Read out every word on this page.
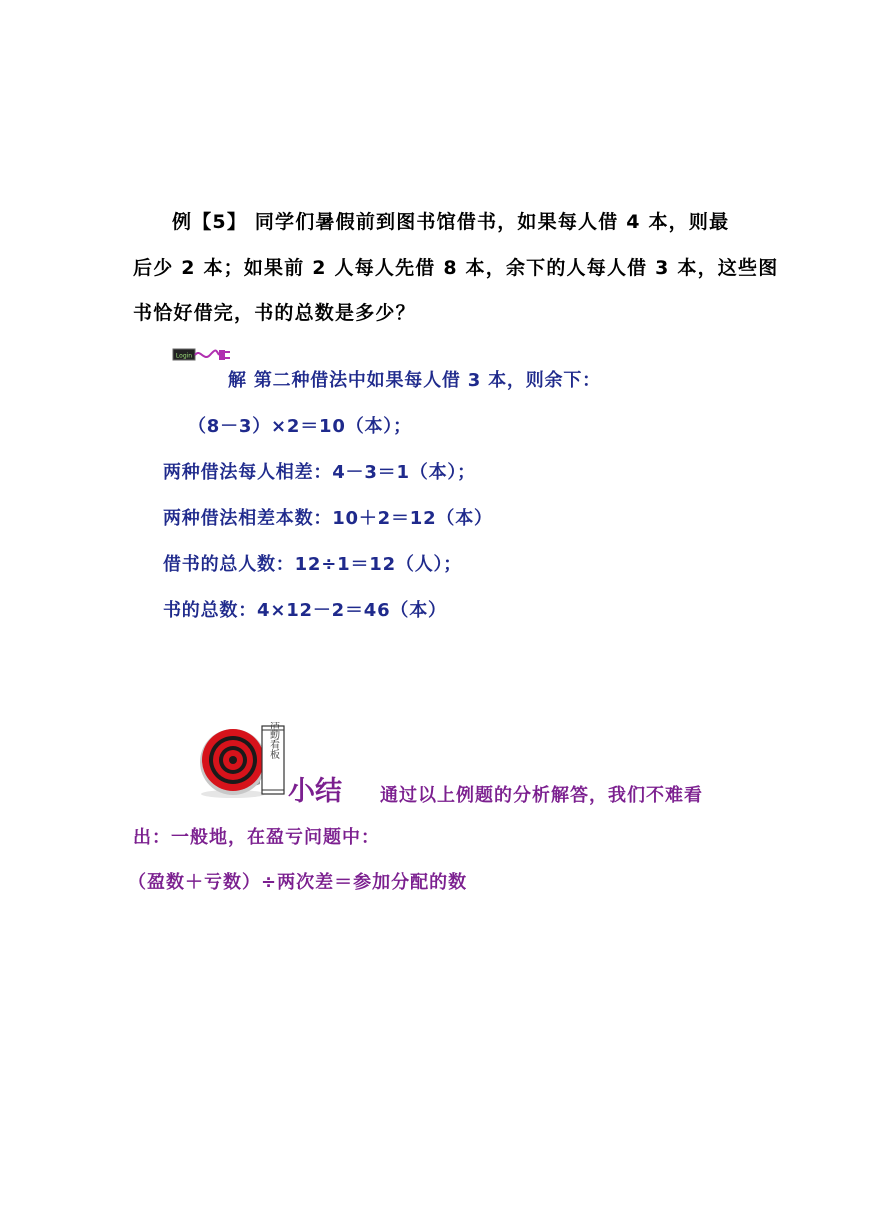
例【5】 同学们暑假前到图书馆借书，如果每人借 4 本，则最
后少 2 本；如果前 2 人每人先借 8 本，余下的人每人借 3 本，这些图
书恰好借完，书的总数是多少？
Login
解 第二种借法中如果每人借 3 本，则余下：
（8－3）×2＝10（本）；
两种借法每人相差：4－3＝1（本）；
两种借法相差本数：10＋2＝12（本）
借书的总人数：12÷1＝12（人）；
书的总数：4×12－2＝46（本）
活動看板
小结 通过以上例题的分析解答，我们不难看
出：一般地，在盈亏问题中：
（盈数＋亏数）÷两次差＝参加分配的数
